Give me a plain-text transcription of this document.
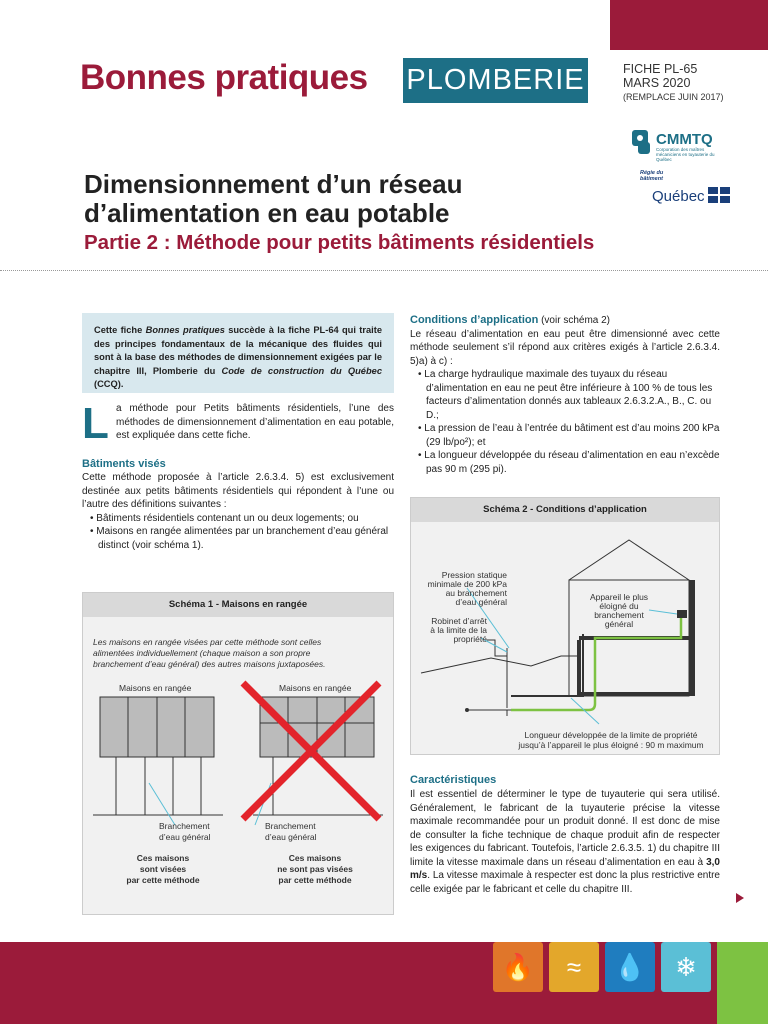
Bonnes pratiques PLOMBERIE	FICHE PL-65
MARS 2020
(REMPLACE JUIN 2017)
CMMTQ
Corporation des maîtres mécaniciens en tuyauterie du Québec
Régie du bâtiment
Québec
Dimensionnement d’un réseau
d’alimentation en eau potable
Partie 2 : Méthode pour petits bâtiments résidentiels
Cette fiche Bonnes pratiques succède à la fiche PL-64 qui traite des principes fondamentaux de la mécanique des fluides qui sont à la base des méthodes de dimensionnement exigées par le chapitre III, Plomberie du Code de construction du Québec (CCQ).
L a méthode pour Petits bâtiments résidentiels, l’une des méthodes de dimensionnement d’alimentation en eau potable, est expliquée dans cette fiche.
Bâtiments visés
Cette méthode proposée à l’article 2.6.3.4. 5) est exclusivement destinée aux petits bâtiments résidentiels qui répondent à l’une ou l’autre des définitions suivantes :
• Bâtiments résidentiels contenant un ou deux logements; ou
• Maisons en rangée alimentées par un branchement d’eau général distinct (voir schéma 1).
Schéma 1 - Maisons en rangée
Les maisons en rangée visées par cette méthode sont celles alimentées individuellement (chaque maison a son propre branchement d’eau général) des autres maisons juxtaposées.
Maisons en rangée	Maisons en rangée
Branchement
d’eau général
Branchement
d’eau général
Ces maisons
sont visées
par cette méthode
Ces maisons
ne sont pas visées
par cette méthode
Conditions d’application (voir schéma 2)
Le réseau d’alimentation en eau peut être dimensionné avec cette méthode seulement s’il répond aux critères exigés à l’article 2.6.3.4. 5)a) à c) :
• La charge hydraulique maximale des tuyaux du réseau d’alimentation en eau ne peut être inférieure à 100 % de tous les facteurs d’alimentation donnés aux tableaux 2.6.3.2.A., B., C. ou D.;
• La pression de l’eau à l’entrée du bâtiment est d’au moins 200 kPa (29 lb/po²); et
• La longueur développée du réseau d’alimentation en eau n’excède pas 90 m (295 pi).
Schéma 2 - Conditions d’application
Pression statique
minimale de 200 kPa
au branchement
d’eau général
Robinet d’arrêt
à la limite de la
propriété
Appareil le plus
éloigné du
branchement
général
Longueur développée de la limite de propriété
jusqu’à l’appareil le plus éloigné : 90 m maximum
Caractéristiques
Il est essentiel de déterminer le type de tuyauterie qui sera utilisé. Généralement, le fabricant de la tuyauterie précise la vitesse maximale recommandée pour un produit donné. Il est donc de mise de consulter la fiche technique de chaque produit afin de respecter les exigences du fabricant. Toutefois, l’article 2.6.3.5. 1) du chapitre III limite la vitesse maximale dans un réseau d’alimentation en eau à 3,0 m/s. La vitesse maximale à respecter est donc la plus restrictive entre celle exigée par le fabricant et celle du chapitre III.
🔥	≈	💧	❄
